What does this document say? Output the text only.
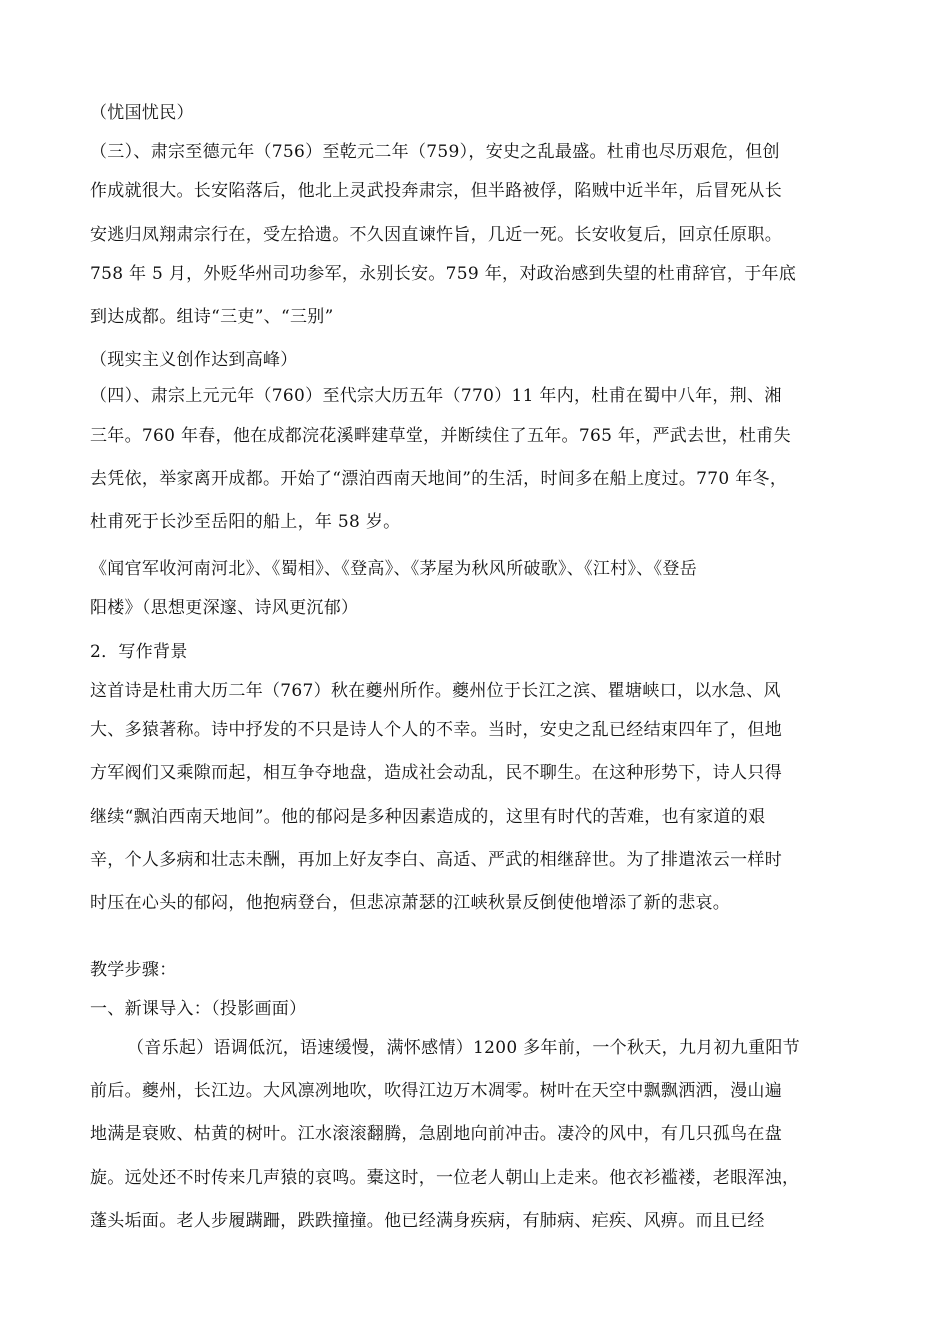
（忧国忧民）
（三）、肃宗至德元年（756）至乾元二年（759），安史之乱最盛。杜甫也尽历艰危，但创
作成就很大。长安陷落后，他北上灵武投奔肃宗，但半路被俘，陷贼中近半年，后冒死从长
安逃归凤翔肃宗行在，受左拾遗。不久因直谏忤旨，几近一死。长安收复后，回京任原职。
758 年 5 月，外贬华州司功参军，永别长安。759 年，对政治感到失望的杜甫辞官，于年底
到达成都。组诗“三吏”、“三别”
（现实主义创作达到高峰）
（四）、肃宗上元元年（760）至代宗大历五年（770）11 年内，杜甫在蜀中八年，荆、湘
三年。760 年春，他在成都浣花溪畔建草堂，并断续住了五年。765 年，严武去世，杜甫失
去凭依，举家离开成都。开始了“漂泊西南天地间”的生活，时间多在船上度过。770 年冬，
杜甫死于长沙至岳阳的船上，年 58 岁。
《闻官军收河南河北》、《蜀相》、《登高》、《茅屋为秋风所破歌》、《江村》、《登岳
阳楼》（思想更深邃、诗风更沉郁）
2．写作背景
这首诗是杜甫大历二年（767）秋在夔州所作。夔州位于长江之滨、瞿塘峡口，以水急、风
大、多猿著称。诗中抒发的不只是诗人个人的不幸。当时，安史之乱已经结束四年了，但地
方军阀们又乘隙而起，相互争夺地盘，造成社会动乱，民不聊生。在这种形势下，诗人只得
继续“飘泊西南天地间”。他的郁闷是多种因素造成的，这里有时代的苦难，也有家道的艰
辛，个人多病和壮志未酬，再加上好友李白、高适、严武的相继辞世。为了排遣浓云一样时
时压在心头的郁闷，他抱病登台，但悲凉萧瑟的江峡秋景反倒使他增添了新的悲哀。
教学步骤：
一、新课导入：（投影画面）
（音乐起）语调低沉，语速缓慢，满怀感情）1200 多年前，一个秋天，九月初九重阳节
前后。夔州，长江边。大风凛冽地吹，吹得江边万木凋零。树叶在天空中飘飘洒洒，漫山遍
地满是衰败、枯黄的树叶。江水滚滚翻腾，急剧地向前冲击。凄冷的风中，有几只孤鸟在盘
旋。远处还不时传来几声猿的哀鸣。橐这时，一位老人朝山上走来。他衣衫褴褛，老眼浑浊，
蓬头垢面。老人步履蹒跚，跌跌撞撞。他已经满身疾病，有肺病、疟疾、风痹。而且已经
